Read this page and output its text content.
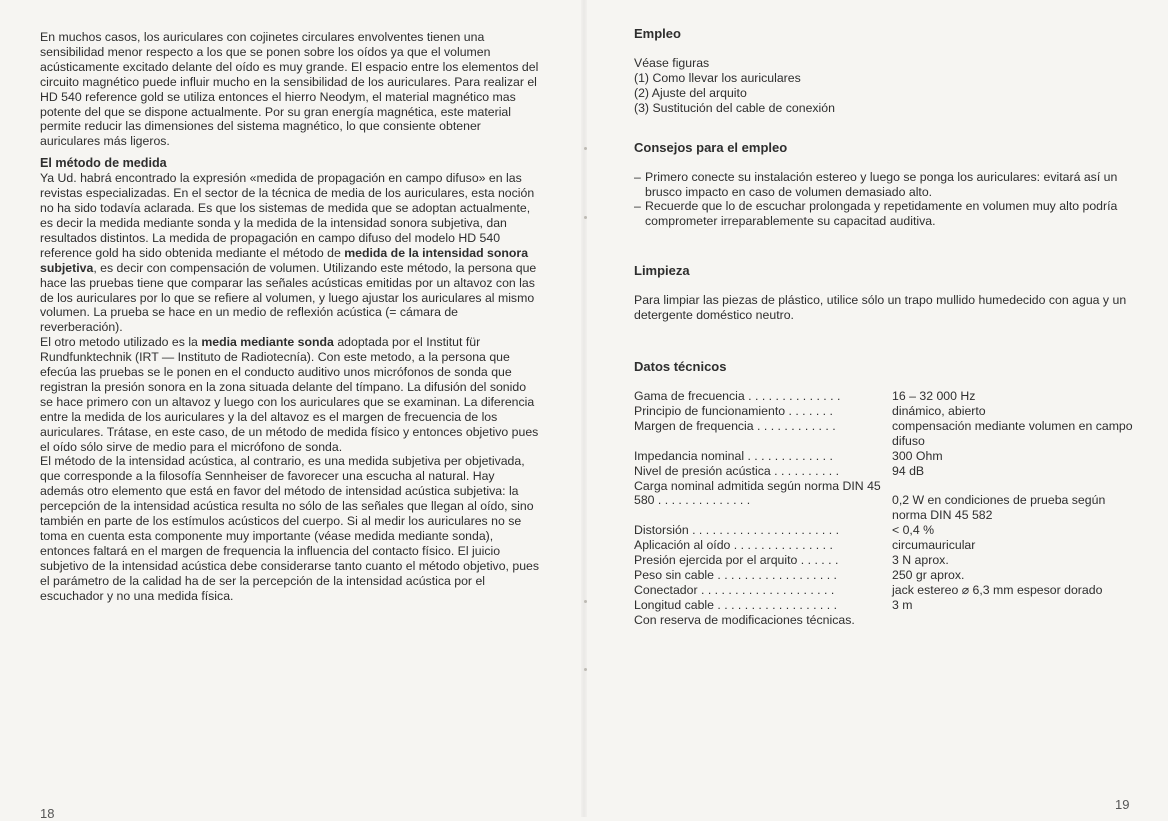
En muchos casos, los auriculares con cojinetes circulares envolventes tienen una sensibilidad menor respecto a los que se ponen sobre los oídos ya que el volumen acústicamente excitado delante del oído es muy grande. El espacio entre los elementos del circuito magnético puede influir mucho en la sensibilidad de los auriculares. Para realizar el HD 540 reference gold se utiliza entonces el hierro Neodym, el material magnético mas potente del que se dispone actualmente. Por su gran energía magnética, este material permite reducir las dimensiones del sistema magnético, lo que consiente obtener auriculares más ligeros.

El método de medida

Ya Ud. habrá encontrado la expresión «medida de propagación en campo difuso» en las revistas especializadas. En el sector de la técnica de media de los auriculares, esta noción no ha sido todavía aclarada. Es que los sistemas de medida que se adoptan actualmente, es decir la medida mediante sonda y la medida de la intensidad sonora subjetiva, dan resultados distintos. La medida de propagación en campo difuso del modelo HD 540 reference gold ha sido obtenida mediante el método de medida de la intensidad sonora subjetiva, es decir con compensación de volumen. Utilizando este método, la persona que hace las pruebas tiene que comparar las señales acústicas emitidas por un altavoz con las de los auriculares por lo que se refiere al volumen, y luego ajustar los auriculares al mismo volumen. La prueba se hace en un medio de reflexión acústica (= cámara de reverberación).

El otro metodo utilizado es la media mediante sonda adoptada por el Institut für Rundfunktechnik (IRT — Instituto de Radiotecnía). Con este metodo, a la persona que efecúa las pruebas se le ponen en el conducto auditivo unos micrófonos de sonda que registran la presión sonora en la zona situada delante del tímpano. La difusión del sonido se hace primero con un altavoz y luego con los auriculares que se examinan. La diferencia entre la medida de los auriculares y la del altavoz es el margen de frecuencia de los auriculares. Trátase, en este caso, de un método de medida físico y entonces objetivo pues el oído sólo sirve de medio para el micrófono de sonda.

El método de la intensidad acústica, al contrario, es una medida subjetiva per objetivada, que corresponde a la filosofía Sennheiser de favorecer una escucha al natural. Hay además otro elemento que está en favor del método de intensidad acústica subjetiva: la percepción de la intensidad acústica resulta no sólo de las señales que llegan al oído, sino también en parte de los estímulos acústicos del cuerpo. Si al medir los auriculares no se toma en cuenta esta componente muy importante (véase medida mediante sonda), entonces faltará en el margen de frequencia la influencia del contacto físico. El juicio subjetivo de la intensidad acústica debe considerarse tanto cuanto el método objetivo, pues el parámetro de la calidad ha de ser la percepción de la intensidad acústica por el escuchador y no una medida física.

18
Empleo

Véase figuras

(1) Como llevar los auriculares

(2) Ajuste del arquito

(3) Sustitución del cable de conexión

Consejos para el empleo
– Primero conecte su instalación estereo y luego se ponga los auriculares: evitará así un brusco impacto en caso de volumen demasiado alto.
– Recuerde que lo de escuchar prolongada y repetidamente en volumen muy alto podría comprometer irreparablemente su capacitad auditiva.
Limpieza

Para limpiar las piezas de plástico, utilice sólo un trapo mullido humedecido con agua y un detergente doméstico neutro.

Datos técnicos
Gama de frecuencia . . . . . . . . . . . . . .	16 – 32 000 Hz
Principio de funcionamiento . . . . . . .	dinámico, abierto
Margen de frequencia . . . . . . . . . . . .	compensación mediante volumen en campo difuso
Impedancia nominal . . . . . . . . . . . . .	300 Ohm
Nivel de presión acústica . . . . . . . . . .	94 dB
Carga nominal admitida según norma DIN 45 580 . . . . . . . . . . . . . .	0,2 W en condiciones de prueba según norma DIN 45 582
Distorsión . . . . . . . . . . . . . . . . . . . . . .	< 0,4 %
Aplicación al oído . . . . . . . . . . . . . . .	circumauricular
Presión ejercida por el arquito . . . . . .	3 N aprox.
Peso sin cable . . . . . . . . . . . . . . . . . .	250 gr aprox.
Conectador . . . . . . . . . . . . . . . . . . . .	jack estereo ⌀ 6,3 mm espesor dorado
Longitud cable . . . . . . . . . . . . . . . . . .	3 m

Con reserva de modificaciones técnicas.

19
